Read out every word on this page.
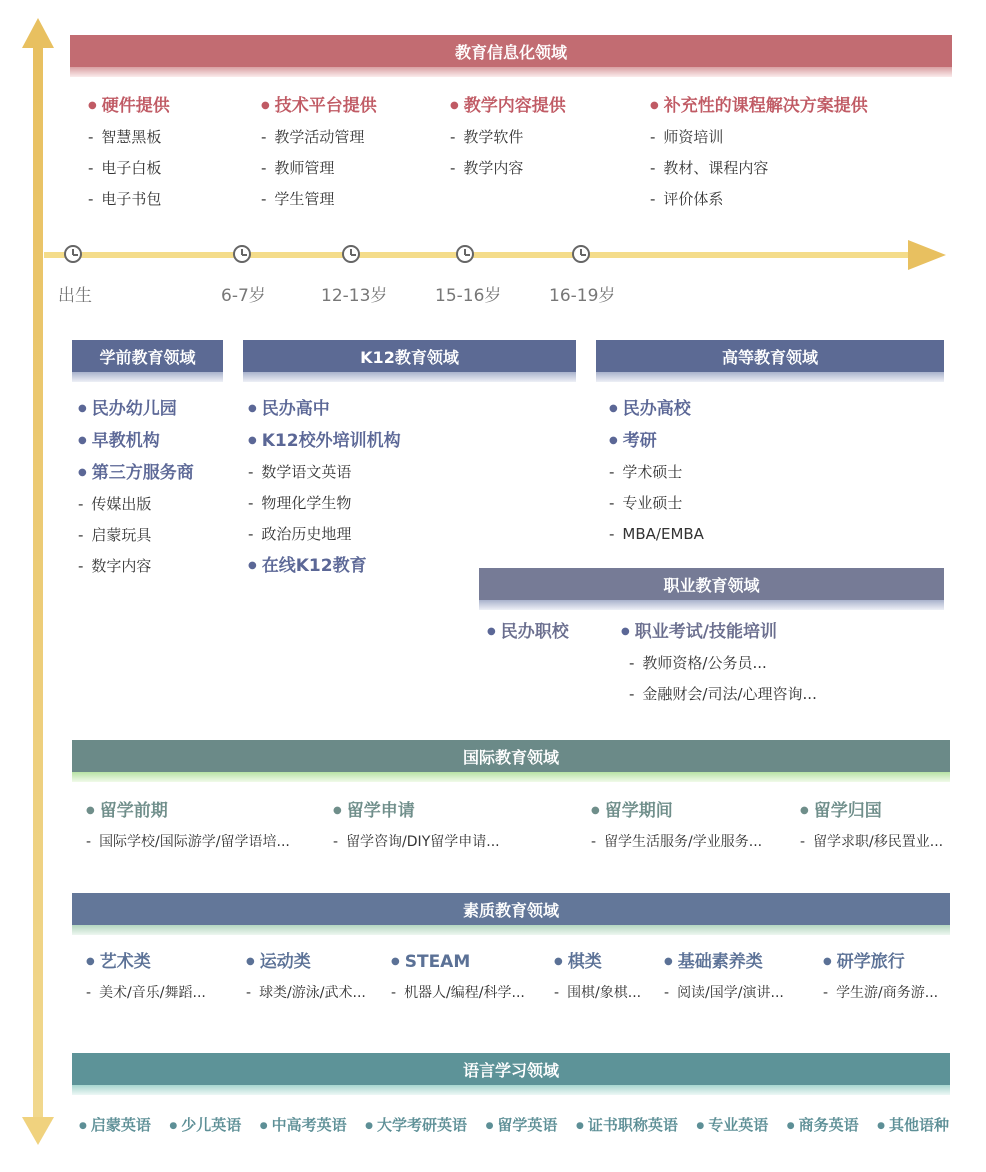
教育信息化领域
● 硬件提供
- 智慧黑板
- 电子白板
- 电子书包
● 技术平台提供
- 教学活动管理
- 教师管理
- 学生管理
● 教学内容提供
- 教学软件
- 教学内容
● 补充性的课程解决方案提供
- 师资培训
- 教材、课程内容
- 评价体系
出生	6-7岁	12-13岁	15-16岁	16-19岁
学前教育领域
● 民办幼儿园
● 早教机构
● 第三方服务商
- 传媒出版
- 启蒙玩具
- 数字内容
K12教育领域
● 民办高中
● K12校外培训机构
- 数学语文英语
- 物理化学生物
- 政治历史地理
● 在线K12教育
高等教育领域
● 民办高校
● 考研
- 学术硕士
- 专业硕士
- MBA/EMBA
职业教育领域
● 民办职校	● 职业考试/技能培训
- 教师资格/公务员...
- 金融财会/司法/心理咨询...
国际教育领域
● 留学前期
- 国际学校/国际游学/留学语培...
● 留学申请
- 留学咨询/DIY留学申请...
● 留学期间
- 留学生活服务/学业服务...
● 留学归国
- 留学求职/移民置业...
素质教育领域
● 艺术类
- 美术/音乐/舞蹈...
● 运动类
- 球类/游泳/武术...
● STEAM
- 机器人/编程/科学...
● 棋类
- 围棋/象棋...
● 基础素养类
- 阅读/国学/演讲...
● 研学旅行
- 学生游/商务游...
语言学习领域
● 启蒙英语	● 少儿英语	● 中高考英语	● 大学考研英语	● 留学英语	● 证书职称英语	● 专业英语	● 商务英语	● 其他语种
